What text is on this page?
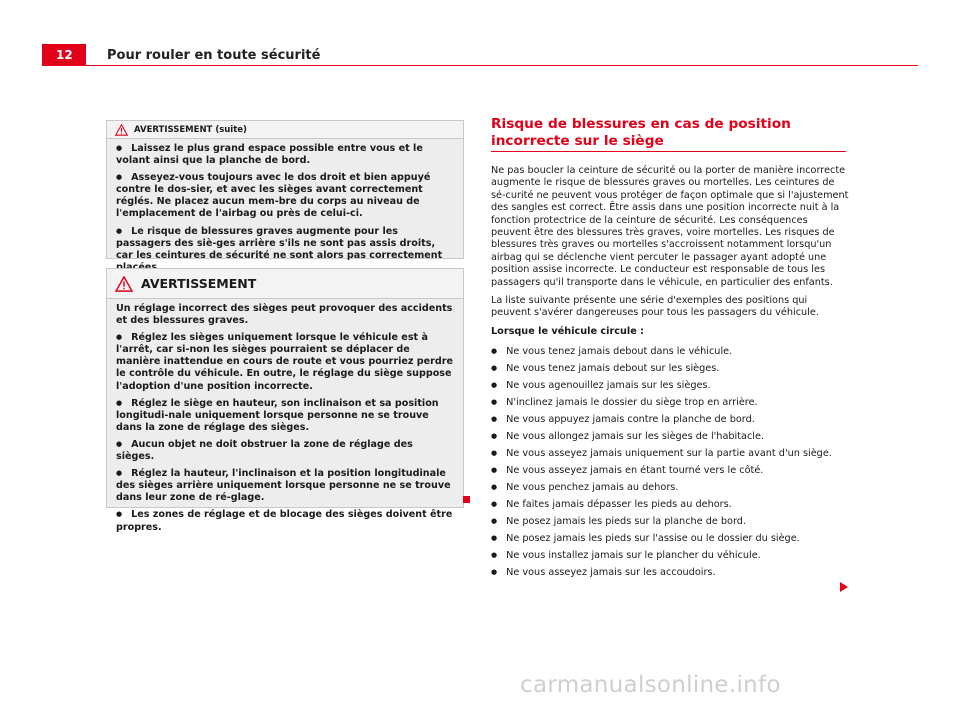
12	Pour rouler en toute sécurité
AVERTISSEMENT (suite)

● Laissez le plus grand espace possible entre vous et le volant ainsi que la planche de bord.

● Asseyez-vous toujours avec le dos droit et bien appuyé contre le dos-sier, et avec les sièges avant correctement réglés. Ne placez aucun mem-bre du corps au niveau de l'emplacement de l'airbag ou près de celui-ci.

● Le risque de blessures graves augmente pour les passagers des siè-ges arrière s'ils ne sont pas assis droits, car les ceintures de sécurité ne sont alors pas correctement

AVERTISSEMENT

Un réglage incorrect des sièges peut provoquer des accidents et des blessures graves.

● Réglez les sièges uniquement lorsque le véhicule est à l'arrêt, car si-non les sièges pourraient se déplacer de manière inattendue en cours de route et vous pourriez perdre le contrôle du véhicule. En outre, le réglage du siège suppose l'adoption d'une position incorrecte.

● Réglez le siège en hauteur, son inclinaison et sa position longitudi-nale uniquement lorsque personne ne se trouve dans la zone de réglage des sièges.

● Aucun objet ne doit obstruer la zone de réglage des sièges.

● Réglez la hauteur, l'inclinaison et la position longitudinale des sièges arrière uniquement lorsque personne ne se trouve dans leur zone de ré-glage.

● Les zones de réglage et de blocage des sièges doivent être propres.

Risque de blessures en cas de position incorrecte sur le siège

Ne pas boucler la ceinture de sécurité ou la porter de manière incorrecte augmente le risque de blessures graves ou mortelles. Les ceintures de sé-curité ne peuvent vous protéger de façon optimale que si l'ajustement des sangles est correct. Être assis dans une position incorrecte nuit à la fonction protectrice de la ceinture de sécurité. Les conséquences peuvent être des blessures très graves, voire mortelles. Les risques de blessures très graves ou mortelles s'accroissent notamment lorsqu'un airbag qui se déclenche vient percuter le passager ayant adopté une position assise incorrecte. Le conducteur est responsable de tous les passagers qu'il transporte dans le véhicule, en particulier des enfants.

La liste suivante présente une série d'exemples des positions qui peuvent s'avérer dangereuses pour tous les passagers du véhicule.

Lorsque le véhicule circule :

● Ne vous tenez jamais debout dans le véhicule.
● Ne vous tenez jamais debout sur les sièges.
● Ne vous agenouillez jamais sur les sièges.
● N'inclinez jamais le dossier du siège trop en arrière.
● Ne vous appuyez jamais contre la planche de bord.
● Ne vous allongez jamais sur les sièges de l'habitacle.
● Ne vous asseyez jamais uniquement sur la partie avant d'un siège.
● Ne vous asseyez jamais en étant tourné vers le côté.
● Ne vous penchez jamais au dehors.
● Ne faites jamais dépasser les pieds au dehors.
● Ne posez jamais les pieds sur la planche de bord.
● Ne posez jamais les pieds sur l'assise ou le dossier du siège.
● Ne vous installez jamais sur le plancher du véhicule.
● Ne vous asseyez jamais sur les accoudoirs.
carmanualsonline.info
